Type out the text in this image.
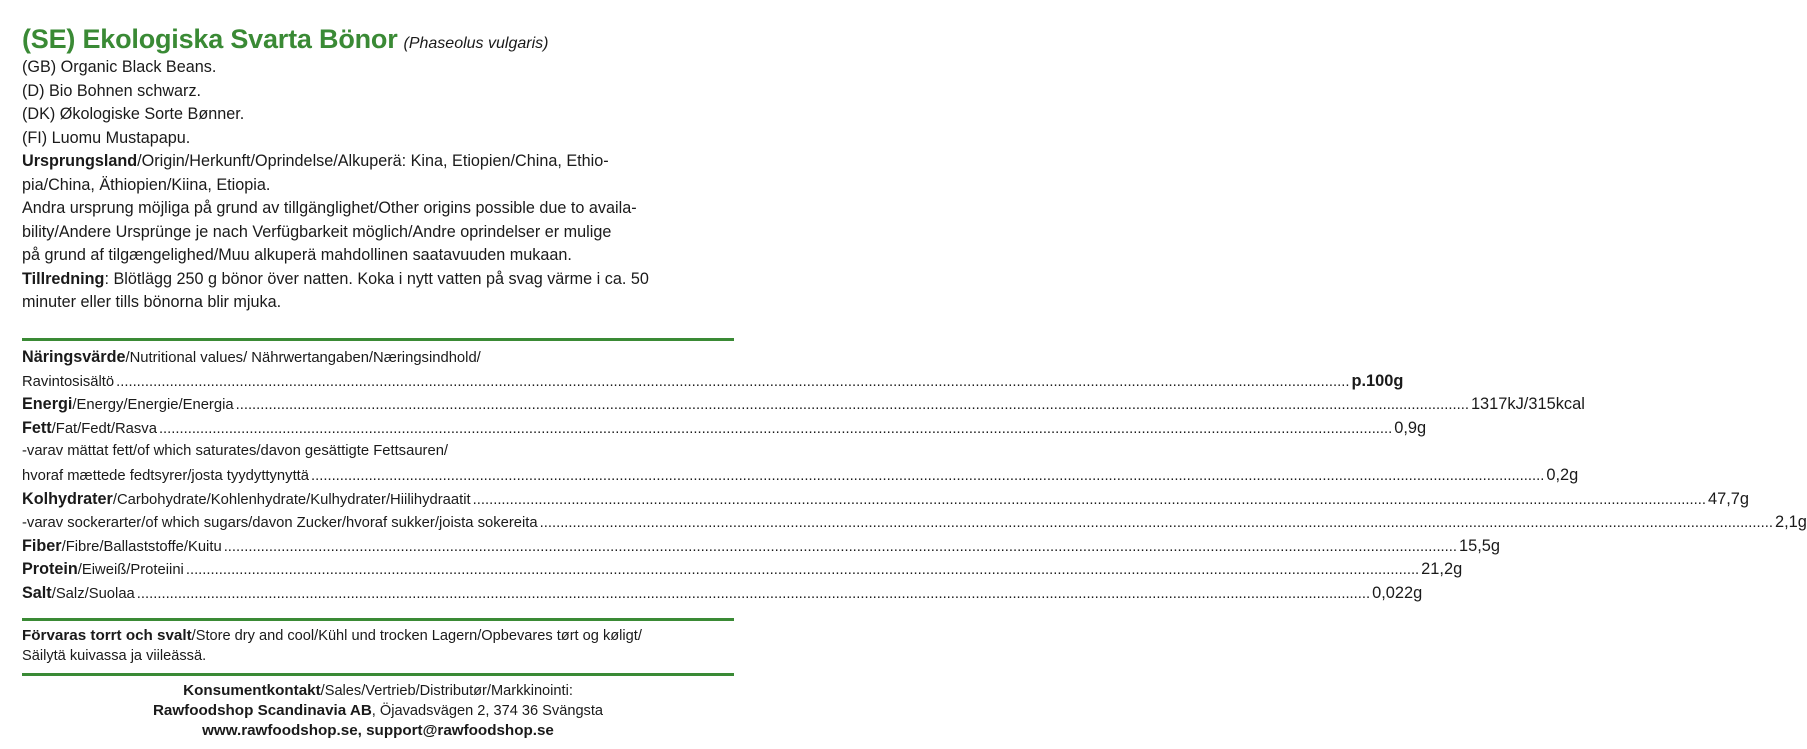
(SE) Ekologiska Svarta Bönor (Phaseolus vulgaris)
(GB) Organic Black Beans.
(D) Bio Bohnen schwarz.
(DK) Økologiske Sorte Bønner.
(FI) Luomu Mustapapu.
Ursprungsland/Origin/Herkunft/Oprindelse/Alkuperä: Kina, Etiopien/China, Ethio-
pia/China, Äthiopien/Kiina, Etiopia.
Andra ursprung möjliga på grund av tillgänglighet/Other origins possible due to availa-
bility/Andere Ursprünge je nach Verfügbarkeit möglich/Andre oprindelser er mulige
på grund af tilgængelighed/Muu alkuperä mahdollinen saatavuuden mukaan.
Tillredning: Blötlägg 250 g bönor över natten. Koka i nytt vatten på svag värme i ca. 50
minuter eller tills bönorna blir mjuka.
Näringsvärde/Nutritional values/ Nährwertangaben/Næringsindhold/
Ravintosisältö ............................................................................................................................................................................................................................................................................................................ p.100g
Energi/Energy/Energie/Energia ............................................................................................................................................................................................................................................................................................................ 1317kJ/315kcal
Fett/Fat/Fedt/Rasva ............................................................................................................................................................................................................................................................................................................ 0,9g
-varav mättat fett/of which saturates/davon gesättigte Fettsauren/
hvoraf mættede fedtsyrer/josta tyydyttynyttä ............................................................................................................................................................................................................................................................................................................ 0,2g
Kolhydrater/Carbohydrate/Kohlenhydrate/Kulhydrater/Hiilihydraatit ............................................................................................................................................................................................................................................................................................................ 47,7g
-varav sockerarter/of which sugars/davon Zucker/hvoraf sukker/joista sokereita ............................................................................................................................................................................................................................................................................................................ 2,1g
Fiber/Fibre/Ballaststoffe/Kuitu ............................................................................................................................................................................................................................................................................................................ 15,5g
Protein/Eiweiß/Proteiini ............................................................................................................................................................................................................................................................................................................ 21,2g
Salt/Salz/Suolaa ............................................................................................................................................................................................................................................................................................................ 0,022g
Förvaras torrt och svalt/Store dry and cool/Kühl und trocken Lagern/Opbevares tørt og køligt/
Säilytä kuivassa ja viileässä.
Konsumentkontakt/Sales/Vertrieb/Distributør/Markkinointi:
Rawfoodshop Scandinavia AB, Öjavadsvägen 2, 374 36 Svängsta
www.rawfoodshop.se, support@rawfoodshop.se
